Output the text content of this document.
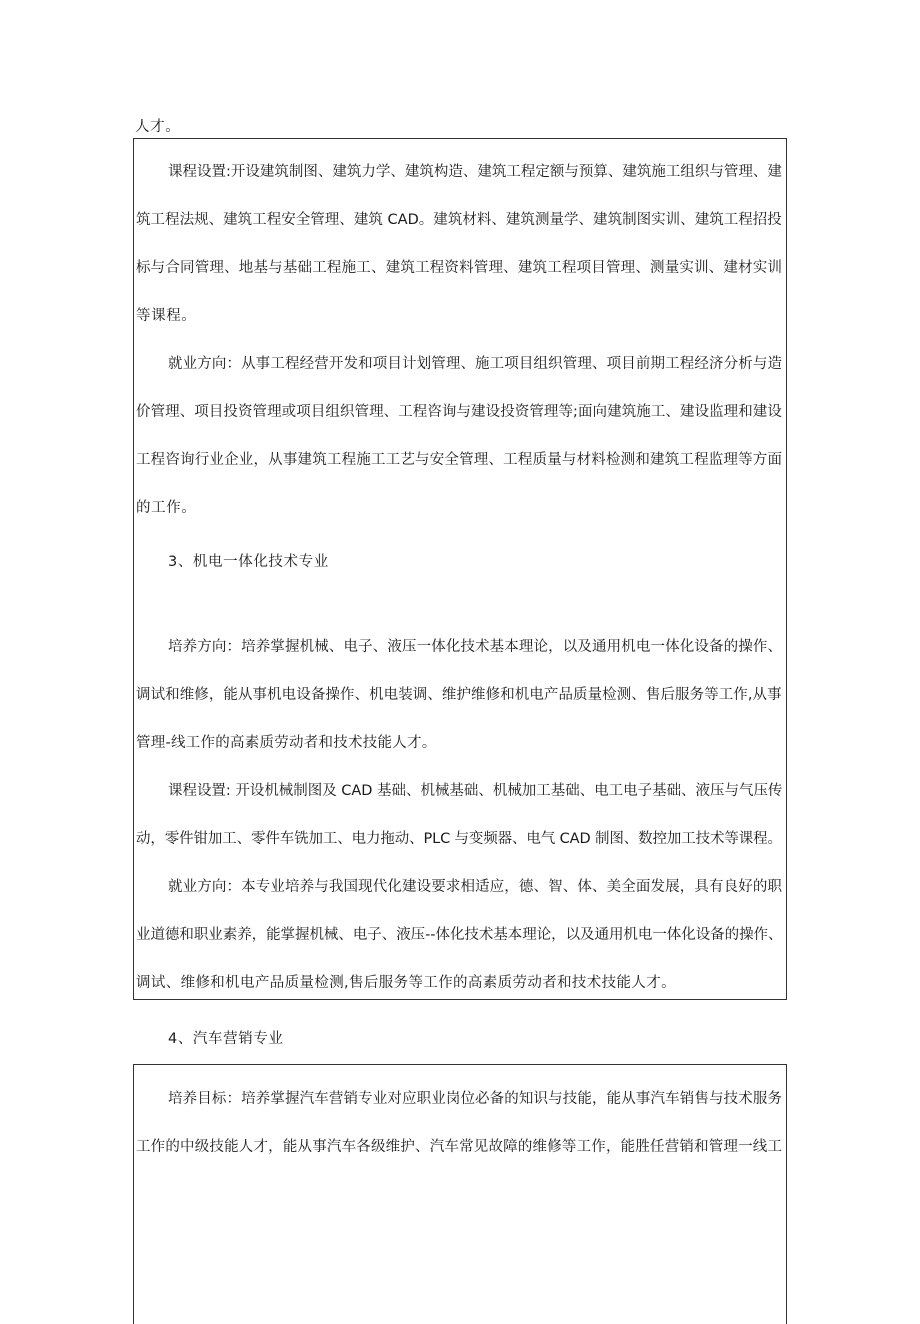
人才。
课程设置:开设建筑制图、建筑力学、建筑构造、建筑工程定额与预算、建筑施工组织与管理、建
筑工程法规、建筑工程安全管理、建筑 CAD。建筑材料、建筑测量学、建筑制图实训、建筑工程招投
标与合同管理、地基与基础工程施工、建筑工程资料管理、建筑工程项目管理、测量实训、建材实训
等课程。
就业方向：从事工程经营开发和项目计划管理、施工项目组织管理、项目前期工程经济分析与造
价管理、项目投资管理或项目组织管理、工程咨询与建设投资管理等;面向建筑施工、建设监理和建设
工程咨询行业企业，从事建筑工程施工工艺与安全管理、工程质量与材料检测和建筑工程监理等方面
的工作。
3、机电一体化技术专业
培养方向：培养掌握机械、电子、液压一体化技术基本理论，以及通用机电一体化设备的操作、
调试和维修，能从事机电设备操作、机电装调、维护维修和机电产品质量检测、售后服务等工作,从事
管理-线工作的高素质劳动者和技术技能人才。
课程设置: 开设机械制图及 CAD 基础、机械基础、机械加工基础、电工电子基础、液压与气压传
动，零件钳加工、零件车铣加工、电力拖动、PLC 与变频器、电气 CAD 制图、数控加工技术等课程。
就业方向：本专业培养与我国现代化建设要求相适应，德、智、体、美全面发展，具有良好的职
业道德和职业素养，能掌握机械、电子、液压--体化技术基本理论，以及通用机电一体化设备的操作、
调试、维修和机电产品质量检测,售后服务等工作的高素质劳动者和技术技能人才。
4、汽车营销专业
培养目标：培养掌握汽车营销专业对应职业岗位必备的知识与技能，能从事汽车销售与技术服务
工作的中级技能人才，能从事汽车各级维护、汽车常见故障的维修等工作，能胜任营销和管理一线工
